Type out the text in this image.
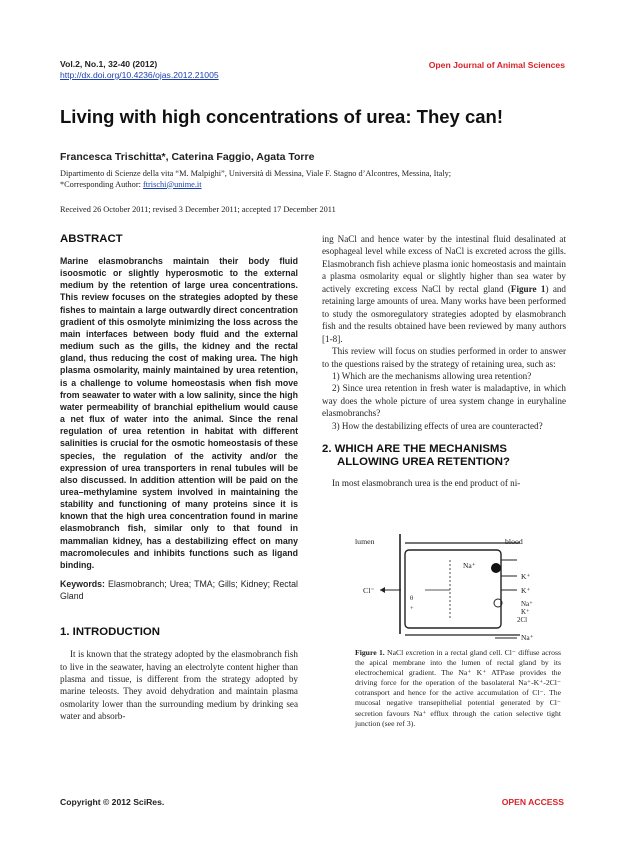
Vol.2, No.1, 32-40 (2012)
http://dx.doi.org/10.4236/ojas.2012.21005
Open Journal of Animal Sciences
Living with high concentrations of urea: They can!
Francesca Trischitta*, Caterina Faggio, Agata Torre
Dipartimento di Scienze della vita “M. Malpighi”, Università di Messina, Viale F. Stagno d’Alcontres, Messina, Italy;
*Corresponding Author: ftrischi@unime.it
Received 26 October 2011; revised 3 December 2011; accepted 17 December 2011
ABSTRACT

Marine elasmobranchs maintain their body fluid isoosmotic or slightly hyperosmotic to the external medium by the retention of large urea concentrations. This review focuses on the strategies adopted by these fishes to maintain a large outwardly direct concentration gradient of this osmolyte minimizing the loss across the main interfaces between body fluid and the external medium such as the gills, the kidney and the rectal gland, thus reducing the cost of making urea. The high plasma osmolarity, mainly maintained by urea retention, is a challenge to volume homeostasis when fish move from seawater to water with a low salinity, since the high water permeability of branchial epithelium would cause a net flux of water into the animal. Since the renal regulation of urea retention in habitat with different salinities is crucial for the osmotic homeostasis of these species, the regulation of the activity and/or the expression of urea transporters in renal tubules will be also discussed. In addition attention will be paid on the urea–methylamine system involved in maintaining the stability and functioning of many proteins since it is known that the high urea concentration found in marine elasmobranch fish, similar only to that found in mammalian kidney, has a destabilizing effect on many macromolecules and inhibits functions such as ligand binding.

Keywords: Elasmobranch; Urea; TMA; Gills; Kidney; Rectal Gland

1. INTRODUCTION

It is known that the strategy adopted by the elasmobranch fish to live in the seawater, having an electrolyte content higher than plasma and tissue, is different from the strategy adopted by marine teleosts. They avoid dehydration and maintain plasma osmolarity lower than the surrounding medium by drinking sea water and absorb-

ing NaCl and hence water by the intestinal fluid desalinated at esophageal level while excess of NaCl is excreted across the gills. Elasmobranch fish achieve plasma ionic homeostasis and maintain a plasma osmolarity equal or slightly higher than sea water by actively excreting excess NaCl by rectal gland (Figure 1) and retaining large amounts of urea. Many works have been performed to study the osmoregulatory strategies adopted by elasmobranch fish and the results obtained have been reviewed by many authors [1-8].

This review will focus on studies performed in order to answer to the questions raised by the strategy of retaining urea, such as:

1) Which are the mechanisms allowing urea retention?

2) Since urea retention in fresh water is maladaptive, in which way does the whole picture of urea system change in euryhaline elasmobranchs?

3) How the destabilizing effects of urea are counteracted?

2. WHICH ARE THE MECHANISMS
ALLOWING UREA RETENTION?

In most elasmobranch urea is the end product of ni-

lumen	blood
Cl⁻
θ
+
Na⁺
K⁺
K⁺
Na⁺
K⁺
2Cl
Na⁺
Figure 1. NaCl excretion in a rectal gland cell. Cl⁻ diffuse across the apical membrane into the lumen of rectal gland by its electrochemical gradient. The Na⁺ K⁺ ATPase provides the driving force for the operation of the basolateral Na⁺-K⁺-2Cl⁻ cotransport and hence for the active accumulation of Cl⁻. The mucosal negative transepithelial potential generated by Cl⁻ secretion favours Na⁺ efflux through the cation selective tight junction (see ref 3).
Copyright © 2012 SciRes.	OPEN ACCESS
